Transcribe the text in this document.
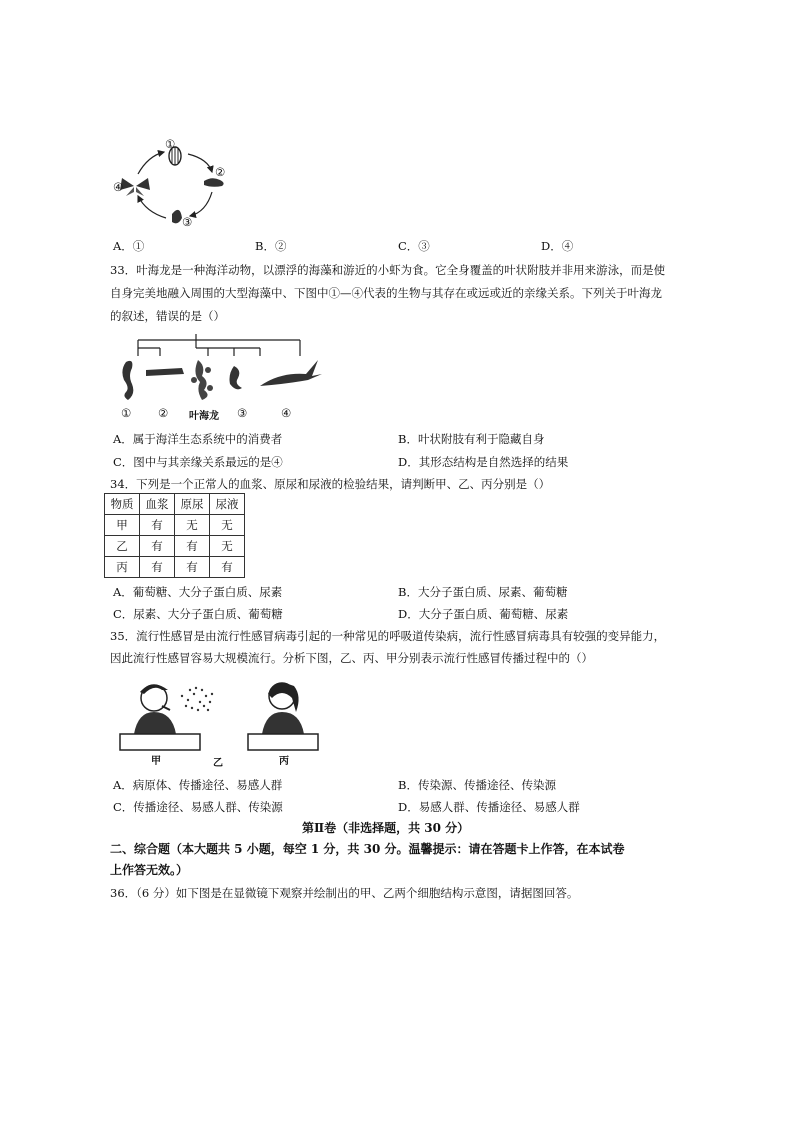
①
②
③
④
A．①	B．②	C．③	D．④
33．叶海龙是一种海洋动物，以漂浮的海藻和游近的小虾为食。它全身覆盖的叶状附肢并非用来游泳，而是使
自身完美地融入周围的大型海藻中、下图中①—④代表的生物与其存在或远或近的亲缘关系。下列关于叶海龙
的叙述，错误的是（）
① ② 叶海龙 ③	④
A．属于海洋生态系统中的消费者	B．叶状附肢有利于隐藏自身
C．图中与其亲缘关系最远的是④	D．其形态结构是自然选择的结果
34．下列是一个正常人的血浆、原尿和尿液的检验结果，请判断甲、乙、丙分别是（）
物质	血浆	原尿	尿液
甲	有	无	无
乙	有	有	无
丙	有	有	有
A．葡萄糖、大分子蛋白质、尿素	B．大分子蛋白质、尿素、葡萄糖
C．尿素、大分子蛋白质、葡萄糖	D．大分子蛋白质、葡萄糖、尿素
35．流行性感冒是由流行性感冒病毒引起的一种常见的呼吸道传染病，流行性感冒病毒具有较强的变异能力，
因此流行性感冒容易大规模流行。分析下图，乙、丙、甲分别表示流行性感冒传播过程中的（）
甲	乙	丙
A．病原体、传播途径、易感人群	B．传染源、传播途径、传染源
C．传播途径、易感人群、传染源	D．易感人群、传播途径、易感人群
第Ⅱ卷（非选择题，共 30 分）
二、综合题（本大题共 5 小题，每空 1 分，共 30 分。温馨提示：请在答题卡上作答，在本试卷
上作答无效。）
36．（6 分）如下图是在显微镜下观察并绘制出的甲、乙两个细胞结构示意图，请据图回答。
